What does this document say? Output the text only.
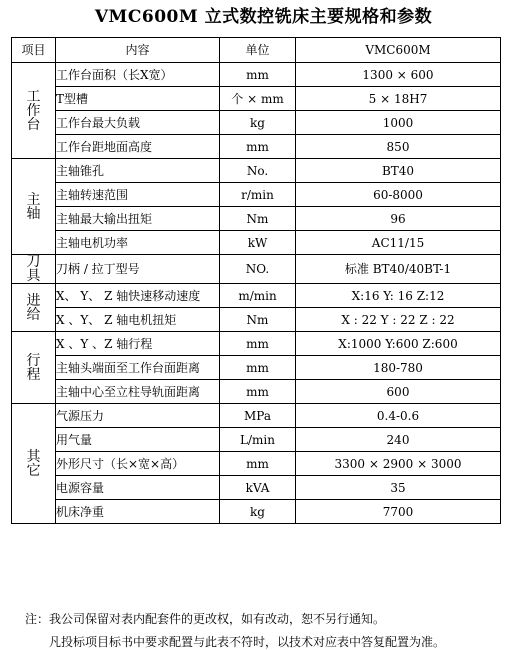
VMC600M 立式数控铣床主要规格和参数
项目	内容	单位	VMC600M

工
作
台	工作台面积（长X宽）	mm	1300 × 600
	T型槽	个 × mm	5 × 18H7
	工作台最大负载	kg	1000
	工作台距地面高度	mm	850

主
轴	主轴锥孔	No.	BT40
	主轴转速范围	r/min	60-8000
	主轴最大输出扭矩	Nm	96
	主轴电机功率	kW	AC11/15

刀
具	刀柄 / 拉丁型号	NO.	标准 BT40/40BT-1

进
给	X、 Y、 Z 轴快速移动速度	m/min	X:16 Y: 16 Z:12
	X 、Y、 Z 轴电机扭矩	Nm	X : 22 Y : 22 Z : 22

行
程	X 、Y 、Z 轴行程	mm	X:1000 Y:600 Z:600
	主轴头端面至工作台面距离	mm	180-780
	主轴中心至立柱导轨面距离	mm	600

其
它	气源压力	MPa	0.4-0.6
	用气量	L/min	240
	外形尺寸（长×宽×高）	mm	3300 × 2900 × 3000
	电源容量	kVA	35
	机床净重	kg	7700
注：我公司保留对表内配套件的更改权，如有改动，恕不另行通知。
凡投标项目标书中要求配置与此表不符时，以技术对应表中答复配置为准。
